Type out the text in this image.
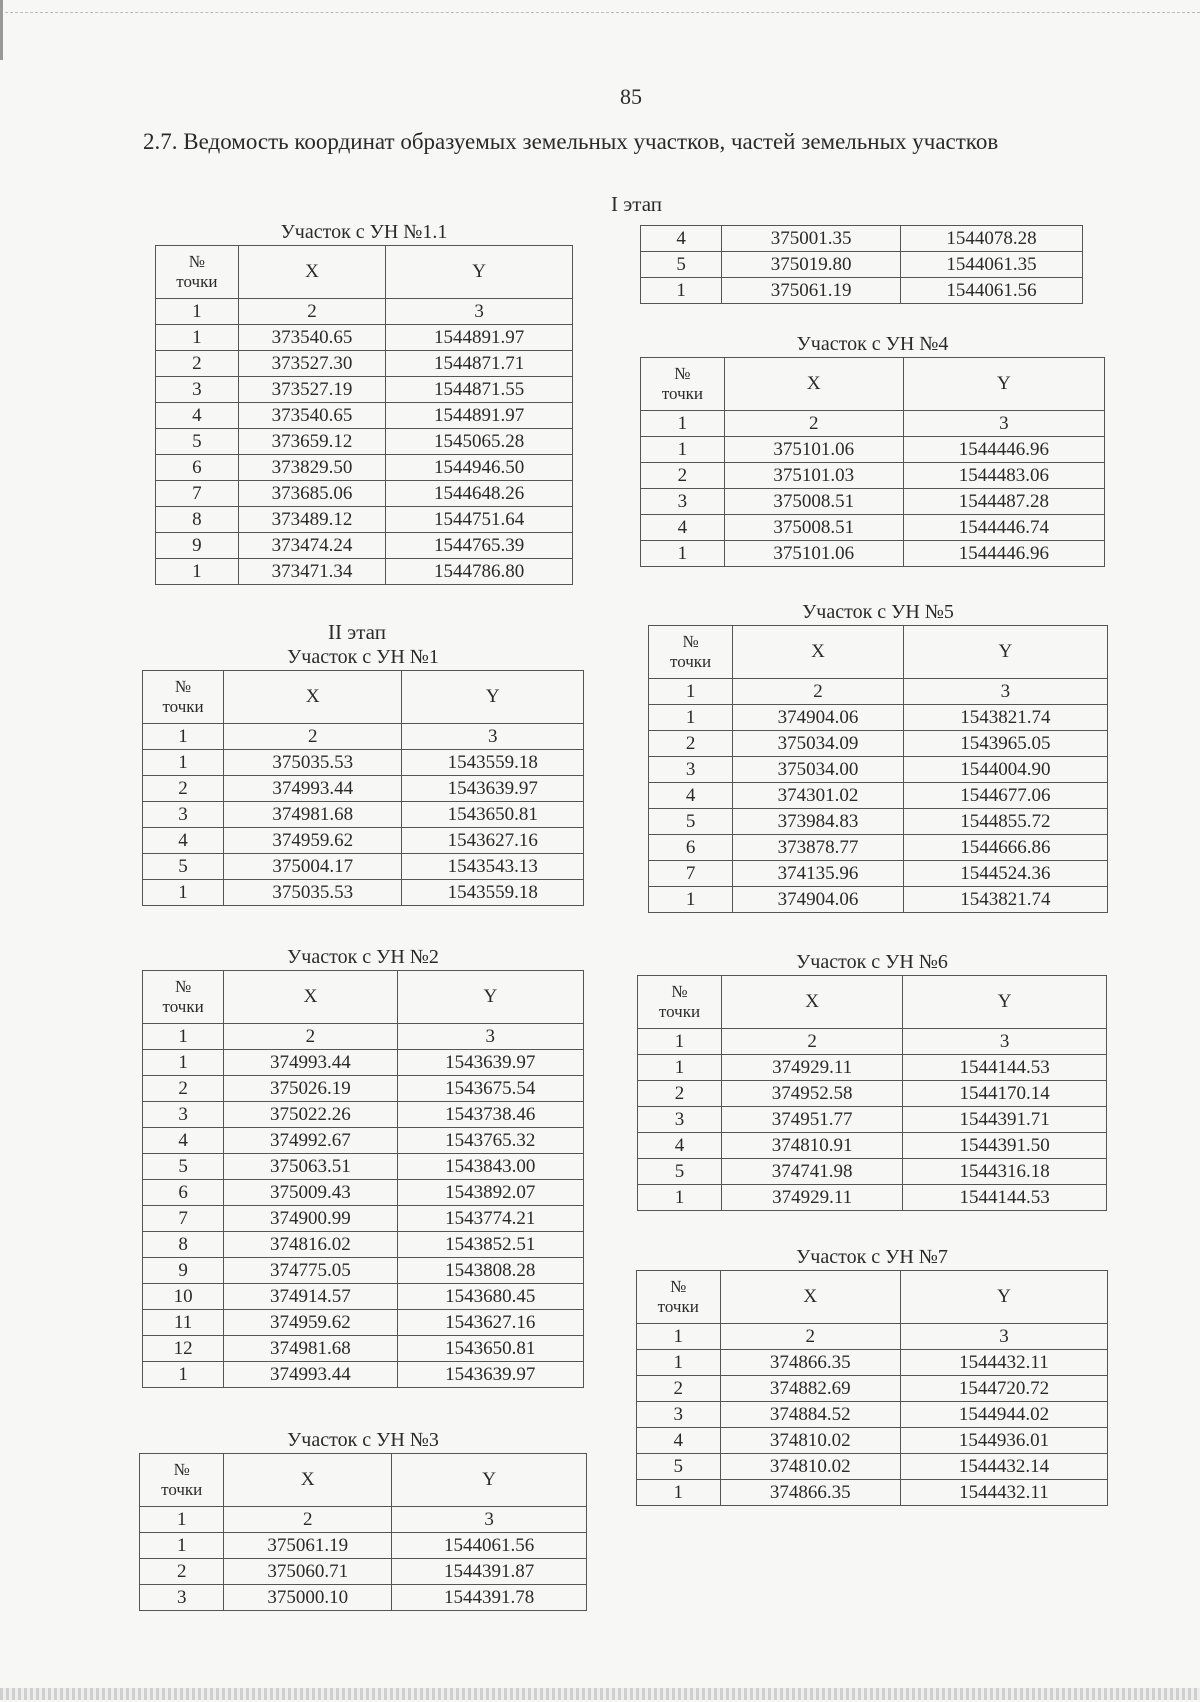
85
2.7. Ведомость координат образуемых земельных участков, частей земельных участков
I этап
II этап
Участок с УН №1.1
№
точки	X	Y
1	2	3
1	373540.65	1544891.97
2	373527.30	1544871.71
3	373527.19	1544871.55
4	373540.65	1544891.97
5	373659.12	1545065.28
6	373829.50	1544946.50
7	373685.06	1544648.26
8	373489.12	1544751.64
9	373474.24	1544765.39
1	373471.34	1544786.80
Участок с УН №1
№
точки	X	Y
1	2	3
1	375035.53	1543559.18
2	374993.44	1543639.97
3	374981.68	1543650.81
4	374959.62	1543627.16
5	375004.17	1543543.13
1	375035.53	1543559.18
Участок с УН №2
№
точки	X	Y
1	2	3
1	374993.44	1543639.97
2	375026.19	1543675.54
3	375022.26	1543738.46
4	374992.67	1543765.32
5	375063.51	1543843.00
6	375009.43	1543892.07
7	374900.99	1543774.21
8	374816.02	1543852.51
9	374775.05	1543808.28
10	374914.57	1543680.45
11	374959.62	1543627.16
12	374981.68	1543650.81
1	374993.44	1543639.97
Участок с УН №3
№
точки	X	Y
1	2	3
1	375061.19	1544061.56
2	375060.71	1544391.87
3	375000.10	1544391.78
4	375001.35	1544078.28
5	375019.80	1544061.35
1	375061.19	1544061.56
Участок с УН №4
№
точки	X	Y
1	2	3
1	375101.06	1544446.96
2	375101.03	1544483.06
3	375008.51	1544487.28
4	375008.51	1544446.74
1	375101.06	1544446.96
Участок с УН №5
№
точки	X	Y
1	2	3
1	374904.06	1543821.74
2	375034.09	1543965.05
3	375034.00	1544004.90
4	374301.02	1544677.06
5	373984.83	1544855.72
6	373878.77	1544666.86
7	374135.96	1544524.36
1	374904.06	1543821.74
Участок с УН №6
№
точки	X	Y
1	2	3
1	374929.11	1544144.53
2	374952.58	1544170.14
3	374951.77	1544391.71
4	374810.91	1544391.50
5	374741.98	1544316.18
1	374929.11	1544144.53
Участок с УН №7
№
точки	X	Y
1	2	3
1	374866.35	1544432.11
2	374882.69	1544720.72
3	374884.52	1544944.02
4	374810.02	1544936.01
5	374810.02	1544432.14
1	374866.35	1544432.11
